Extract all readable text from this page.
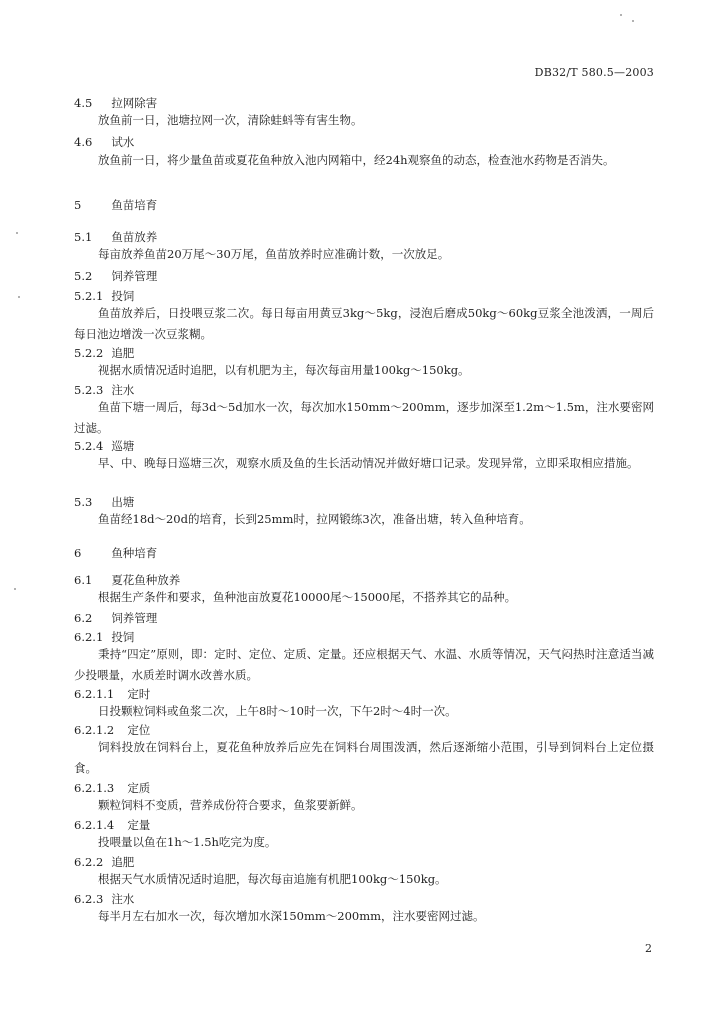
DB32/T 580.5—2003
4.5 拉网除害
放鱼前一日，池塘拉网一次，清除蛙蚪等有害生物。
4.6 试水
放鱼前一日，将少量鱼苗或夏花鱼种放入池内网箱中，经24h观察鱼的动态，检查池水药物是否消失。
5	鱼苗培育
5.1 鱼苗放养
每亩放养鱼苗20万尾～30万尾，鱼苗放养时应准确计数，一次放足。
5.2 饲养管理
5.2.1 投饲
鱼苗放养后，日投喂豆浆二次。每日每亩用黄豆3kg～5kg，浸泡后磨成50kg～60kg豆浆全池泼洒，一周后每日池边增泼一次豆浆糊。
5.2.2 追肥
视据水质情况适时追肥，以有机肥为主，每次每亩用量100kg～150kg。
5.2.3 注水
鱼苗下塘一周后，每3d～5d加水一次，每次加水150mm～200mm，逐步加深至1.2m～1.5m，注水要密网过滤。
5.2.4 巡塘
早、中、晚每日巡塘三次，观察水质及鱼的生长活动情况并做好塘口记录。发现异常，立即采取相应措施。
5.3 出塘
鱼苗经18d～20d的培育，长到25mm时，拉网锻练3次，准备出塘，转入鱼种培育。
6	鱼种培育
6.1 夏花鱼种放养
根据生产条件和要求，鱼种池亩放夏花10000尾～15000尾，不搭养其它的品种。
6.2 饲养管理
6.2.1 投饲
秉持“四定”原则，即：定时、定位、定质、定量。还应根据天气、水温、水质等情况，天气闷热时注意适当减少投喂量，水质差时调水改善水质。
6.2.1.1 定时
日投颗粒饲料或鱼浆二次，上午8时～10时一次，下午2时～4时一次。
6.2.1.2 定位
饲料投放在饲料台上，夏花鱼种放养后应先在饲料台周围泼洒，然后逐渐缩小范围，引导到饲料台上定位摄食。
6.2.1.3 定质
颗粒饲料不变质，营养成份符合要求，鱼浆要新鲜。
6.2.1.4 定量
投喂量以鱼在1h～1.5h吃完为度。
6.2.2 追肥
根据天气水质情况适时追肥，每次每亩追施有机肥100kg～150kg。
6.2.3 注水
每半月左右加水一次，每次增加水深150mm～200mm，注水要密网过滤。
2
